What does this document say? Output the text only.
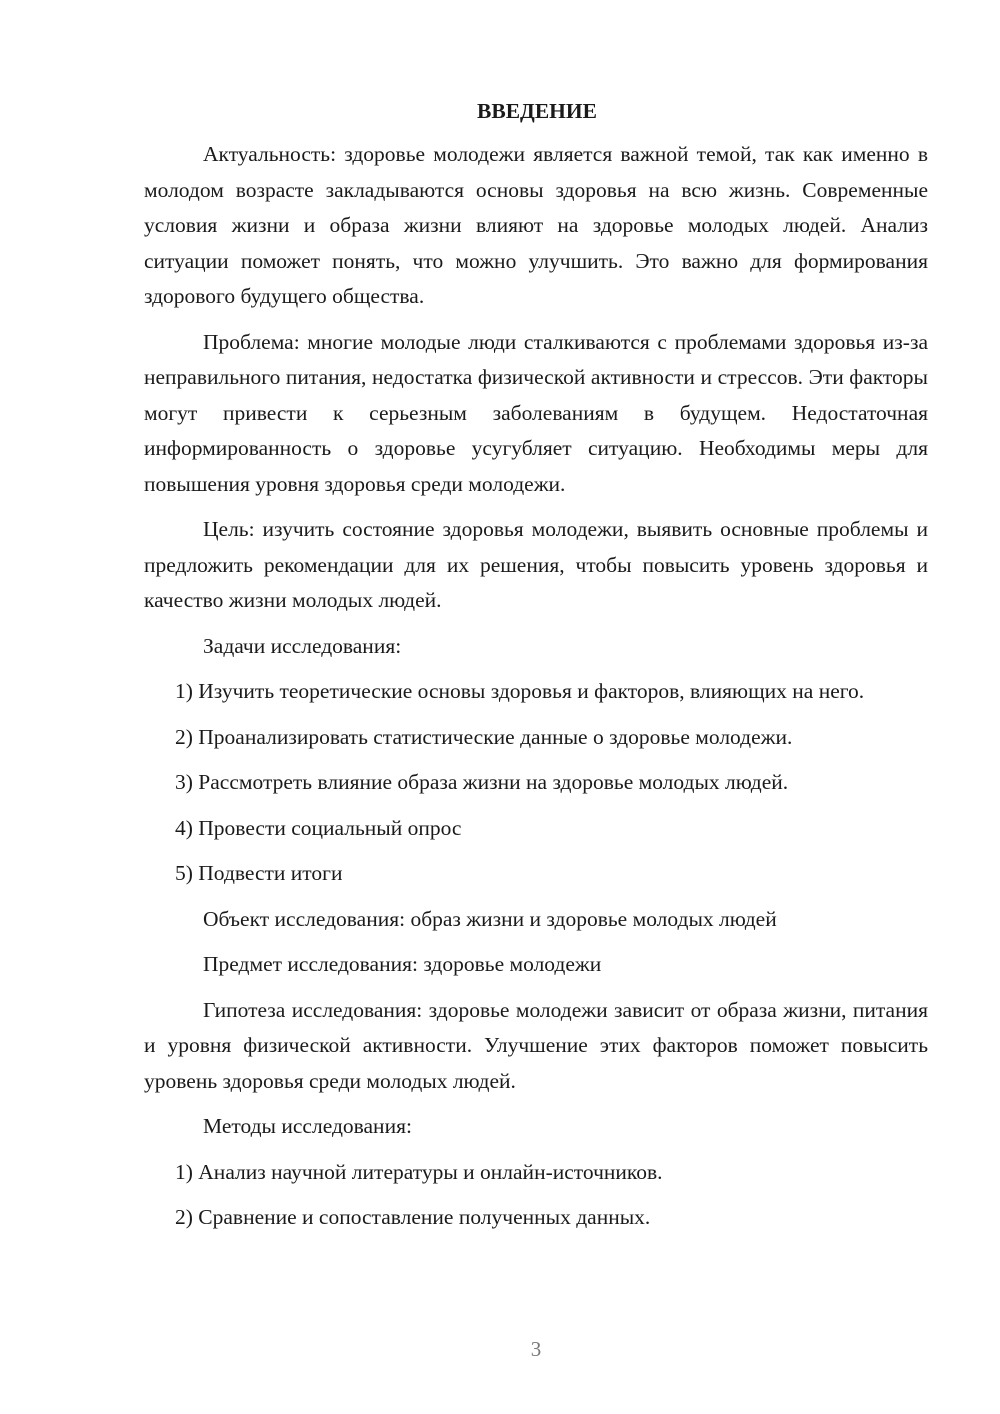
ВВЕДЕНИЕ

Актуальность: здоровье молодежи является важной темой, так как именно в молодом возрасте закладываются основы здоровья на всю жизнь. Современные условия жизни и образа жизни влияют на здоровье молодых людей. Анализ ситуации поможет понять, что можно улучшить. Это важно для формирования здорового будущего общества.

Проблема: многие молодые люди сталкиваются с проблемами здоровья из-за неправильного питания, недостатка физической активности и стрессов. Эти факторы могут привести к серьезным заболеваниям в будущем. Недостаточная информированность о здоровье усугубляет ситуацию. Необходимы меры для повышения уровня здоровья среди молодежи.

Цель: изучить состояние здоровья молодежи, выявить основные проблемы и предложить рекомендации для их решения, чтобы повысить уровень здоровья и качество жизни молодых людей.

Задачи исследования:

1) Изучить теоретические основы здоровья и факторов, влияющих на него.

2) Проанализировать статистические данные о здоровье молодежи.

3) Рассмотреть влияние образа жизни на здоровье молодых людей.

4) Провести социальный опрос

5) Подвести итоги

Объект исследования: образ жизни и здоровье молодых людей

Предмет исследования: здоровье молодежи

Гипотеза исследования: здоровье молодежи зависит от образа жизни, питания и уровня физической активности. Улучшение этих факторов поможет повысить уровень здоровья среди молодых людей.

Методы исследования:

1) Анализ научной литературы и онлайн-источников.

2) Сравнение и сопоставление полученных данных.

3
